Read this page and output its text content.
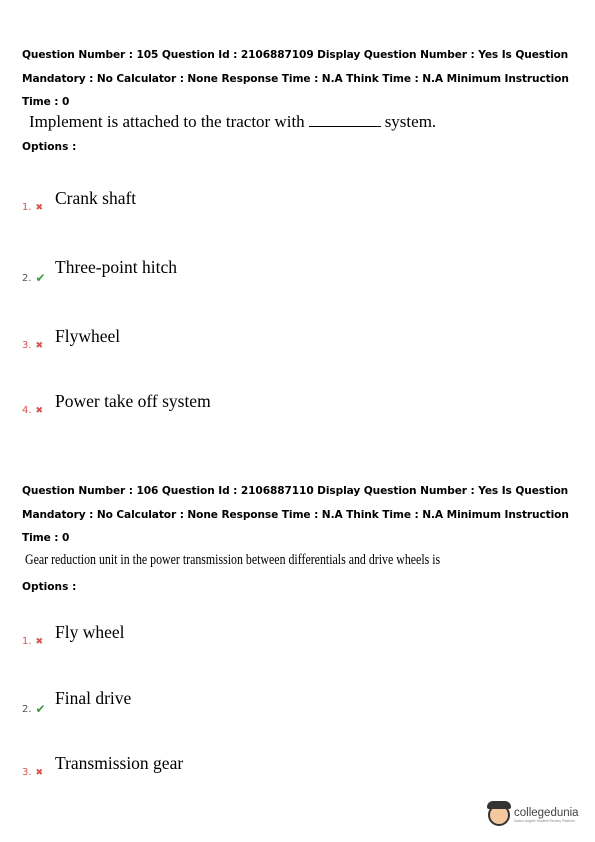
Question Number : 105 Question Id : 2106887109 Display Question Number : Yes Is Question

Mandatory : No Calculator : None Response Time : N.A Think Time : N.A Minimum Instruction

Time : 0

Implement is attached to the tractor with	system.

Options :

1. ✖ Crank shaft
2. ✔
Three-point hitch
3. ✖ Flywheel
4. ✖ Power take off system

Question Number : 106 Question Id : 2106887110 Display Question Number : Yes Is Question

Mandatory : No Calculator : None Response Time : N.A Think Time : N.A Minimum Instruction

Time : 0

Gear reduction unit in the power transmission between differentials and drive wheels is

Options :

1. ✖ Fly wheel
2. ✔
Final drive
3. ✖ Transmission gear
collegedunia
India's largest Student Review Platform
